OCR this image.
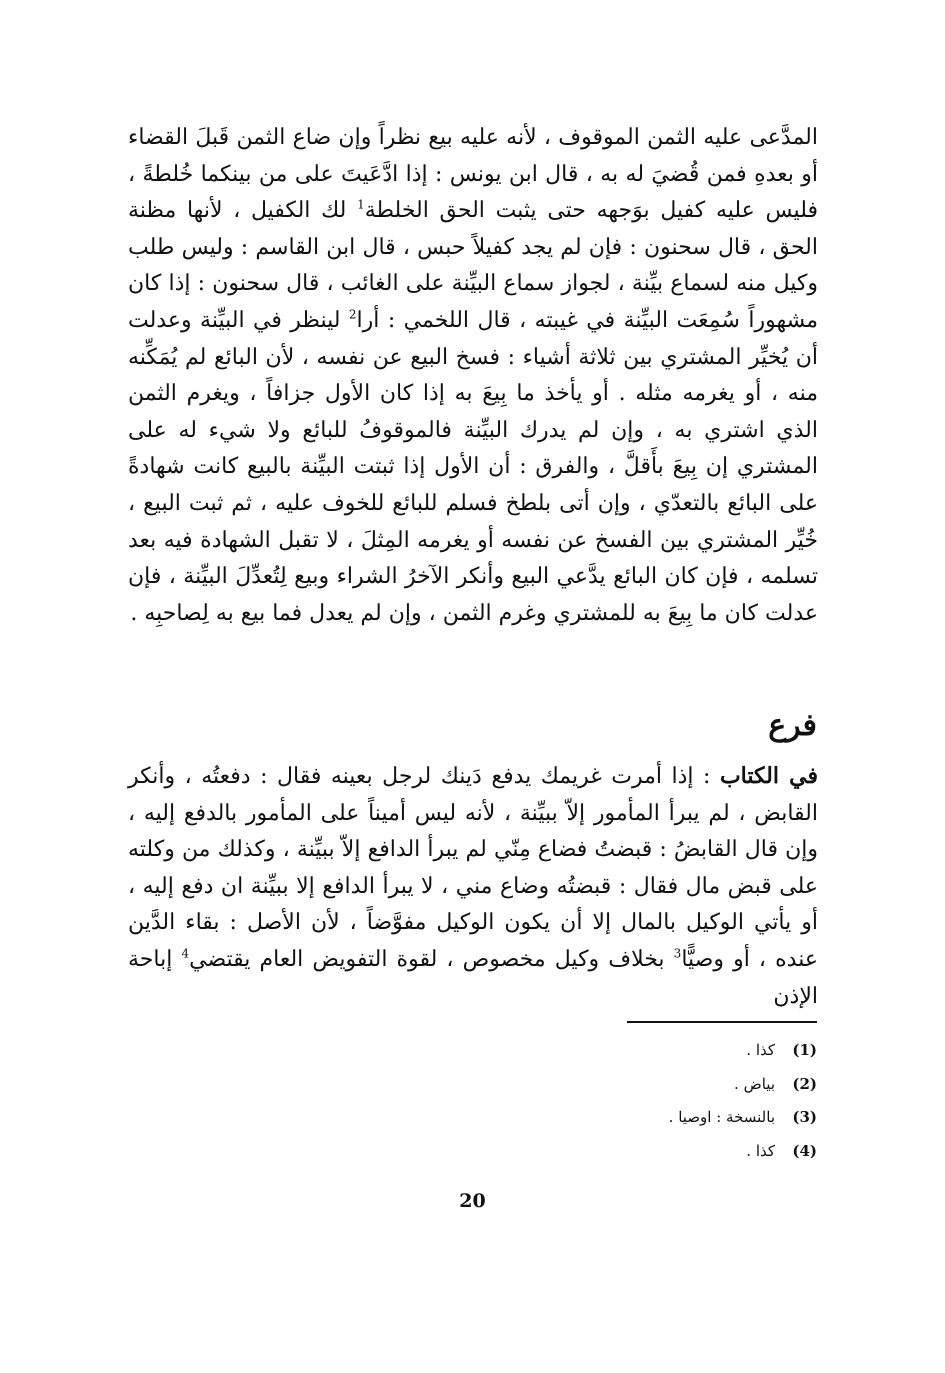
المدَّعى عليه الثمن الموقوف ، لأنه عليه بيع نظراً وإن ضاع الثمن قَبلَ القضاء أو بعدهِ فمن قُضيَ له به ، قال ابن يونس : إذا ادَّعَيتَ على من بينكما خُلطةً ، فليس عليه كفيل بوَجهه حتى يثبت الحق الخلطة$^1$ لك الكفيل ، لأنها مظنة الحق ، قال سحنون : فإن لم يجد كفيلاً حبس ، قال ابن القاسم : وليس طلب وكيل منه لسماع بيِّنة ، لجواز سماع البيِّنة على الغائب ، قال سحنون : إذا كان مشهوراً سُمِعَت البيِّنة في غيبته ، قال اللخمي : أرا$^2$ لينظر في البيِّنة وعدلت أن يُخيِّر المشتري بين ثلاثة أشياء : فسخ البيع عن نفسه ، لأن البائع لم يُمَكِّنه منه ، أو يغرمه مثله . أو يأخذ ما بِيعَ به إذا كان الأول جزافاً ، ويغرم الثمن الذي اشتري به ، وإن لم يدرك البيِّنة فالموقوفُ للبائع ولا شيء له على المشتري إن بِيعَ بأَقلَّ ، والفرق : أن الأول إذا ثبتت البيِّنة بالبيع كانت شهادةً على البائع بالتعدّي ، وإن أتى بلطخ فسلم للبائع للخوف عليه ، ثم ثبت البيع ، خُيِّر المشتري بين الفسخ عن نفسه أو يغرمه المِثلَ ، لا تقبل الشهادة فيه بعد تسلمه ، فإن كان البائع يدَّعي البيع وأنكر الآخرُ الشراء وبيع لِتُعدِّلَ البيِّنة ، فإن عدلت كان ما بِيعَ به للمشتري وغرم الثمن ، وإن لم يعدل فما بيع به لِصاحبِه .

فرع

في الكتاب : إذا أمرت غريمك يدفع دَينك لرجل بعينه فقال : دفعتُه ، وأنكر القابض ، لم يبرأ المأمور إلاّ ببيِّنة ، لأنه ليس أميناً على المأمور بالدفع إليه ، وإن قال القابضُ : قبضتُ فضاع مِنّي لم يبرأ الدافع إلاّ ببيِّنة ، وكذلك من وكلته على قبض مال فقال : قبضتُه وضاع مني ، لا يبرأ الدافع إلا ببيِّنة ان دفع إليه ، أو يأتي الوكيل بالمال إلا أن يكون الوكيل مفوَّضاً ، لأن الأصل : بقاء الدَّين عنده ، أو وصيًّا$^3$ بخلاف وكيل مخصوص ، لقوة التفويض العام يقتضي$^4$ إباحة الإذن

(1)
كذا .
(2)
بياض .
(3)
بالنسخة : اوصيا .
(4)
كذا .
20
